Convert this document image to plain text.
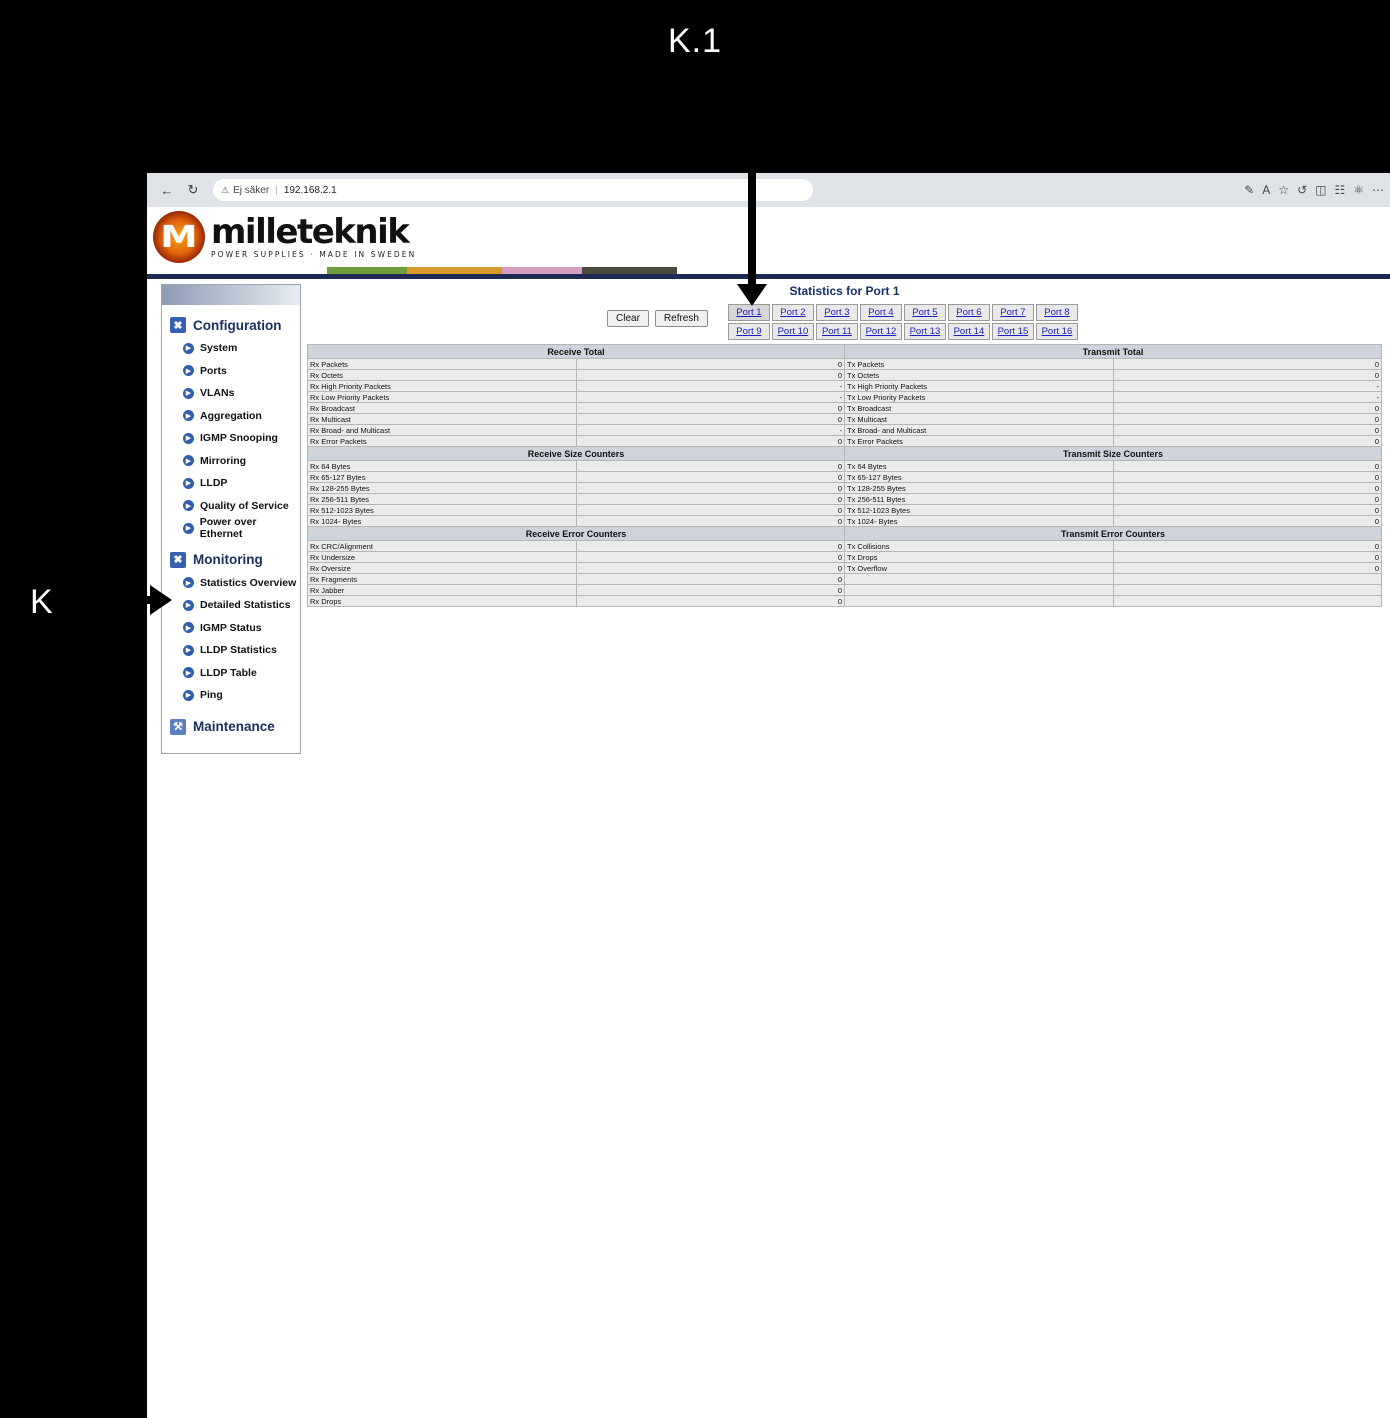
K.1
K
←	↻	⚠ Ej säker | 192.168.2.1	✎ A⁯ ☆ ↺ ◫ ☷ ⚛ ⋯
M milleteknik
POWER SUPPLIES · MADE IN SWEDEN
✖ Configuration
▶ System
▶ Ports
▶ VLANs
▶ Aggregation
▶ IGMP Snooping
▶ Mirroring
▶ LLDP
▶ Quality of Service
▶
Power over Ethernet
✖ Monitoring
▶ Statistics Overview
▶ Detailed Statistics
▶ IGMP Status
▶ LLDP Statistics
▶ LLDP Table
▶ Ping
⚒ Maintenance
Statistics for Port 1
Clear	Refresh
Port 1	Port 2	Port 3	Port 4	Port 5	Port 6	Port 7	Port 8
Port 9	Port 10	Port 11	Port 12	Port 13	Port 14	Port 15	Port 16
Receive Total		Transmit Total	
Rx Packets	0	Tx Packets	0
Rx Octets	0	Tx Octets	0
Rx High Priority Packets	-	Tx High Priority Packets	-
Rx Low Priority Packets	-	Tx Low Priority Packets	-
Rx Broadcast	0	Tx Broadcast	0
Rx Multicast	0	Tx Multicast	0
Rx Broad- and Multicast	-	Tx Broad- and Multicast	0
Rx Error Packets	0	Tx Error Packets	0
Receive Size Counters		Transmit Size Counters	
Rx 64 Bytes	0	Tx 64 Bytes	0
Rx 65-127 Bytes	0	Tx 65-127 Bytes	0
Rx 128-255 Bytes	0	Tx 128-255 Bytes	0
Rx 256-511 Bytes	0	Tx 256-511 Bytes	0
Rx 512-1023 Bytes	0	Tx 512-1023 Bytes	0
Rx 1024- Bytes	0	Tx 1024- Bytes	0
Receive Error Counters		Transmit Error Counters	
Rx CRC/Alignment	0	Tx Collisions	0
Rx Undersize	0	Tx Drops	0
Rx Oversize	0	Tx Overflow	0
Rx Fragments	0		
Rx Jabber	0		
Rx Drops	0		
